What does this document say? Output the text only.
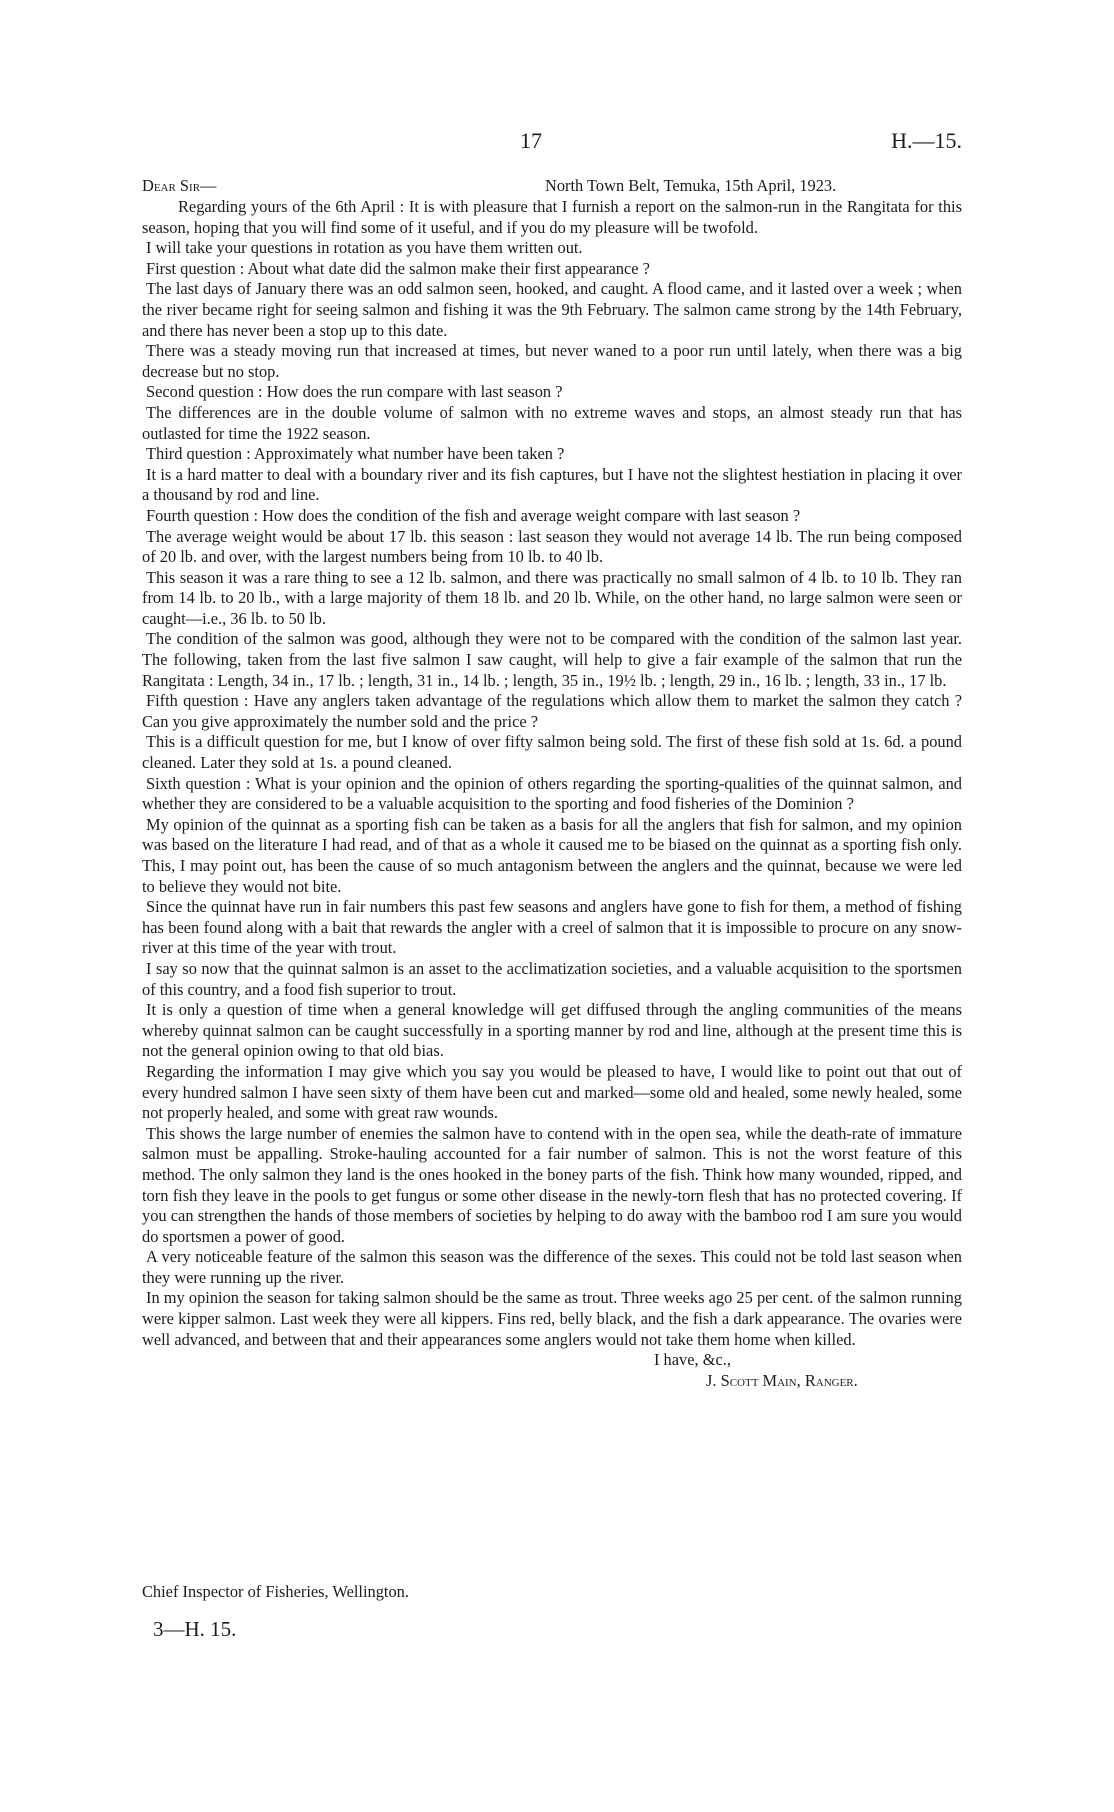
17	H.—15.
Dear Sir—	North Town Belt, Temuka, 15th April, 1923.

Regarding yours of the 6th April : It is with pleasure that I furnish a report on the salmon-run in the Rangitata for this season, hoping that you will find some of it useful, and if you do my pleasure will be twofold.

I will take your questions in rotation as you have them written out.

First question : About what date did the salmon make their first appearance ?

The last days of January there was an odd salmon seen, hooked, and caught. A flood came, and it lasted over a week ; when the river became right for seeing salmon and fishing it was the 9th February. The salmon came strong by the 14th February, and there has never been a stop up to this date.

There was a steady moving run that increased at times, but never waned to a poor run until lately, when there was a big decrease but no stop.

Second question : How does the run compare with last season ?

The differences are in the double volume of salmon with no extreme waves and stops, an almost steady run that has outlasted for time the 1922 season.

Third question : Approximately what number have been taken ?

It is a hard matter to deal with a boundary river and its fish captures, but I have not the slightest hestiation in placing it over a thousand by rod and line.

Fourth question : How does the condition of the fish and average weight compare with last season ?

The average weight would be about 17 lb. this season : last season they would not average 14 lb. The run being composed of 20 lb. and over, with the largest numbers being from 10 lb. to 40 lb.

This season it was a rare thing to see a 12 lb. salmon, and there was practically no small salmon of 4 lb. to 10 lb. They ran from 14 lb. to 20 lb., with a large majority of them 18 lb. and 20 lb. While, on the other hand, no large salmon were seen or caught—i.e., 36 lb. to 50 lb.

The condition of the salmon was good, although they were not to be compared with the condition of the salmon last year. The following, taken from the last five salmon I saw caught, will help to give a fair example of the salmon that run the Rangitata : Length, 34 in., 17 lb. ; length, 31 in., 14 lb. ; length, 35 in., 19½ lb. ; length, 29 in., 16 lb. ; length, 33 in., 17 lb.

Fifth question : Have any anglers taken advantage of the regulations which allow them to market the salmon they catch ? Can you give approximately the number sold and the price ?

This is a difficult question for me, but I know of over fifty salmon being sold. The first of these fish sold at 1s. 6d. a pound cleaned. Later they sold at 1s. a pound cleaned.

Sixth question : What is your opinion and the opinion of others regarding the sporting-qualities of the quinnat salmon, and whether they are considered to be a valuable acquisition to the sporting and food fisheries of the Dominion ?

My opinion of the quinnat as a sporting fish can be taken as a basis for all the anglers that fish for salmon, and my opinion was based on the literature I had read, and of that as a whole it caused me to be biased on the quinnat as a sporting fish only. This, I may point out, has been the cause of so much antagonism between the anglers and the quinnat, because we were led to believe they would not bite.

Since the quinnat have run in fair numbers this past few seasons and anglers have gone to fish for them, a method of fishing has been found along with a bait that rewards the angler with a creel of salmon that it is impossible to procure on any snow-river at this time of the year with trout.

I say so now that the quinnat salmon is an asset to the acclimatization societies, and a valuable acquisition to the sportsmen of this country, and a food fish superior to trout.

It is only a question of time when a general knowledge will get diffused through the angling communities of the means whereby quinnat salmon can be caught successfully in a sporting manner by rod and line, although at the present time this is not the general opinion owing to that old bias.

Regarding the information I may give which you say you would be pleased to have, I would like to point out that out of every hundred salmon I have seen sixty of them have been cut and marked—some old and healed, some newly healed, some not properly healed, and some with great raw wounds.

This shows the large number of enemies the salmon have to contend with in the open sea, while the death-rate of immature salmon must be appalling. Stroke-hauling accounted for a fair number of salmon. This is not the worst feature of this method. The only salmon they land is the ones hooked in the boney parts of the fish. Think how many wounded, ripped, and torn fish they leave in the pools to get fungus or some other disease in the newly-torn flesh that has no protected covering. If you can strengthen the hands of those members of societies by helping to do away with the bamboo rod I am sure you would do sportsmen a power of good.

A very noticeable feature of the salmon this season was the difference of the sexes. This could not be told last season when they were running up the river.

In my opinion the season for taking salmon should be the same as trout. Three weeks ago 25 per cent. of the salmon running were kipper salmon. Last week they were all kippers. Fins red, belly black, and the fish a dark appearance. The ovaries were well advanced, and between that and their appearances some anglers would not take them home when killed.

I have, &c.,
J. Scott Main, Ranger.
Chief Inspector of Fisheries, Wellington.
3—H. 15.
